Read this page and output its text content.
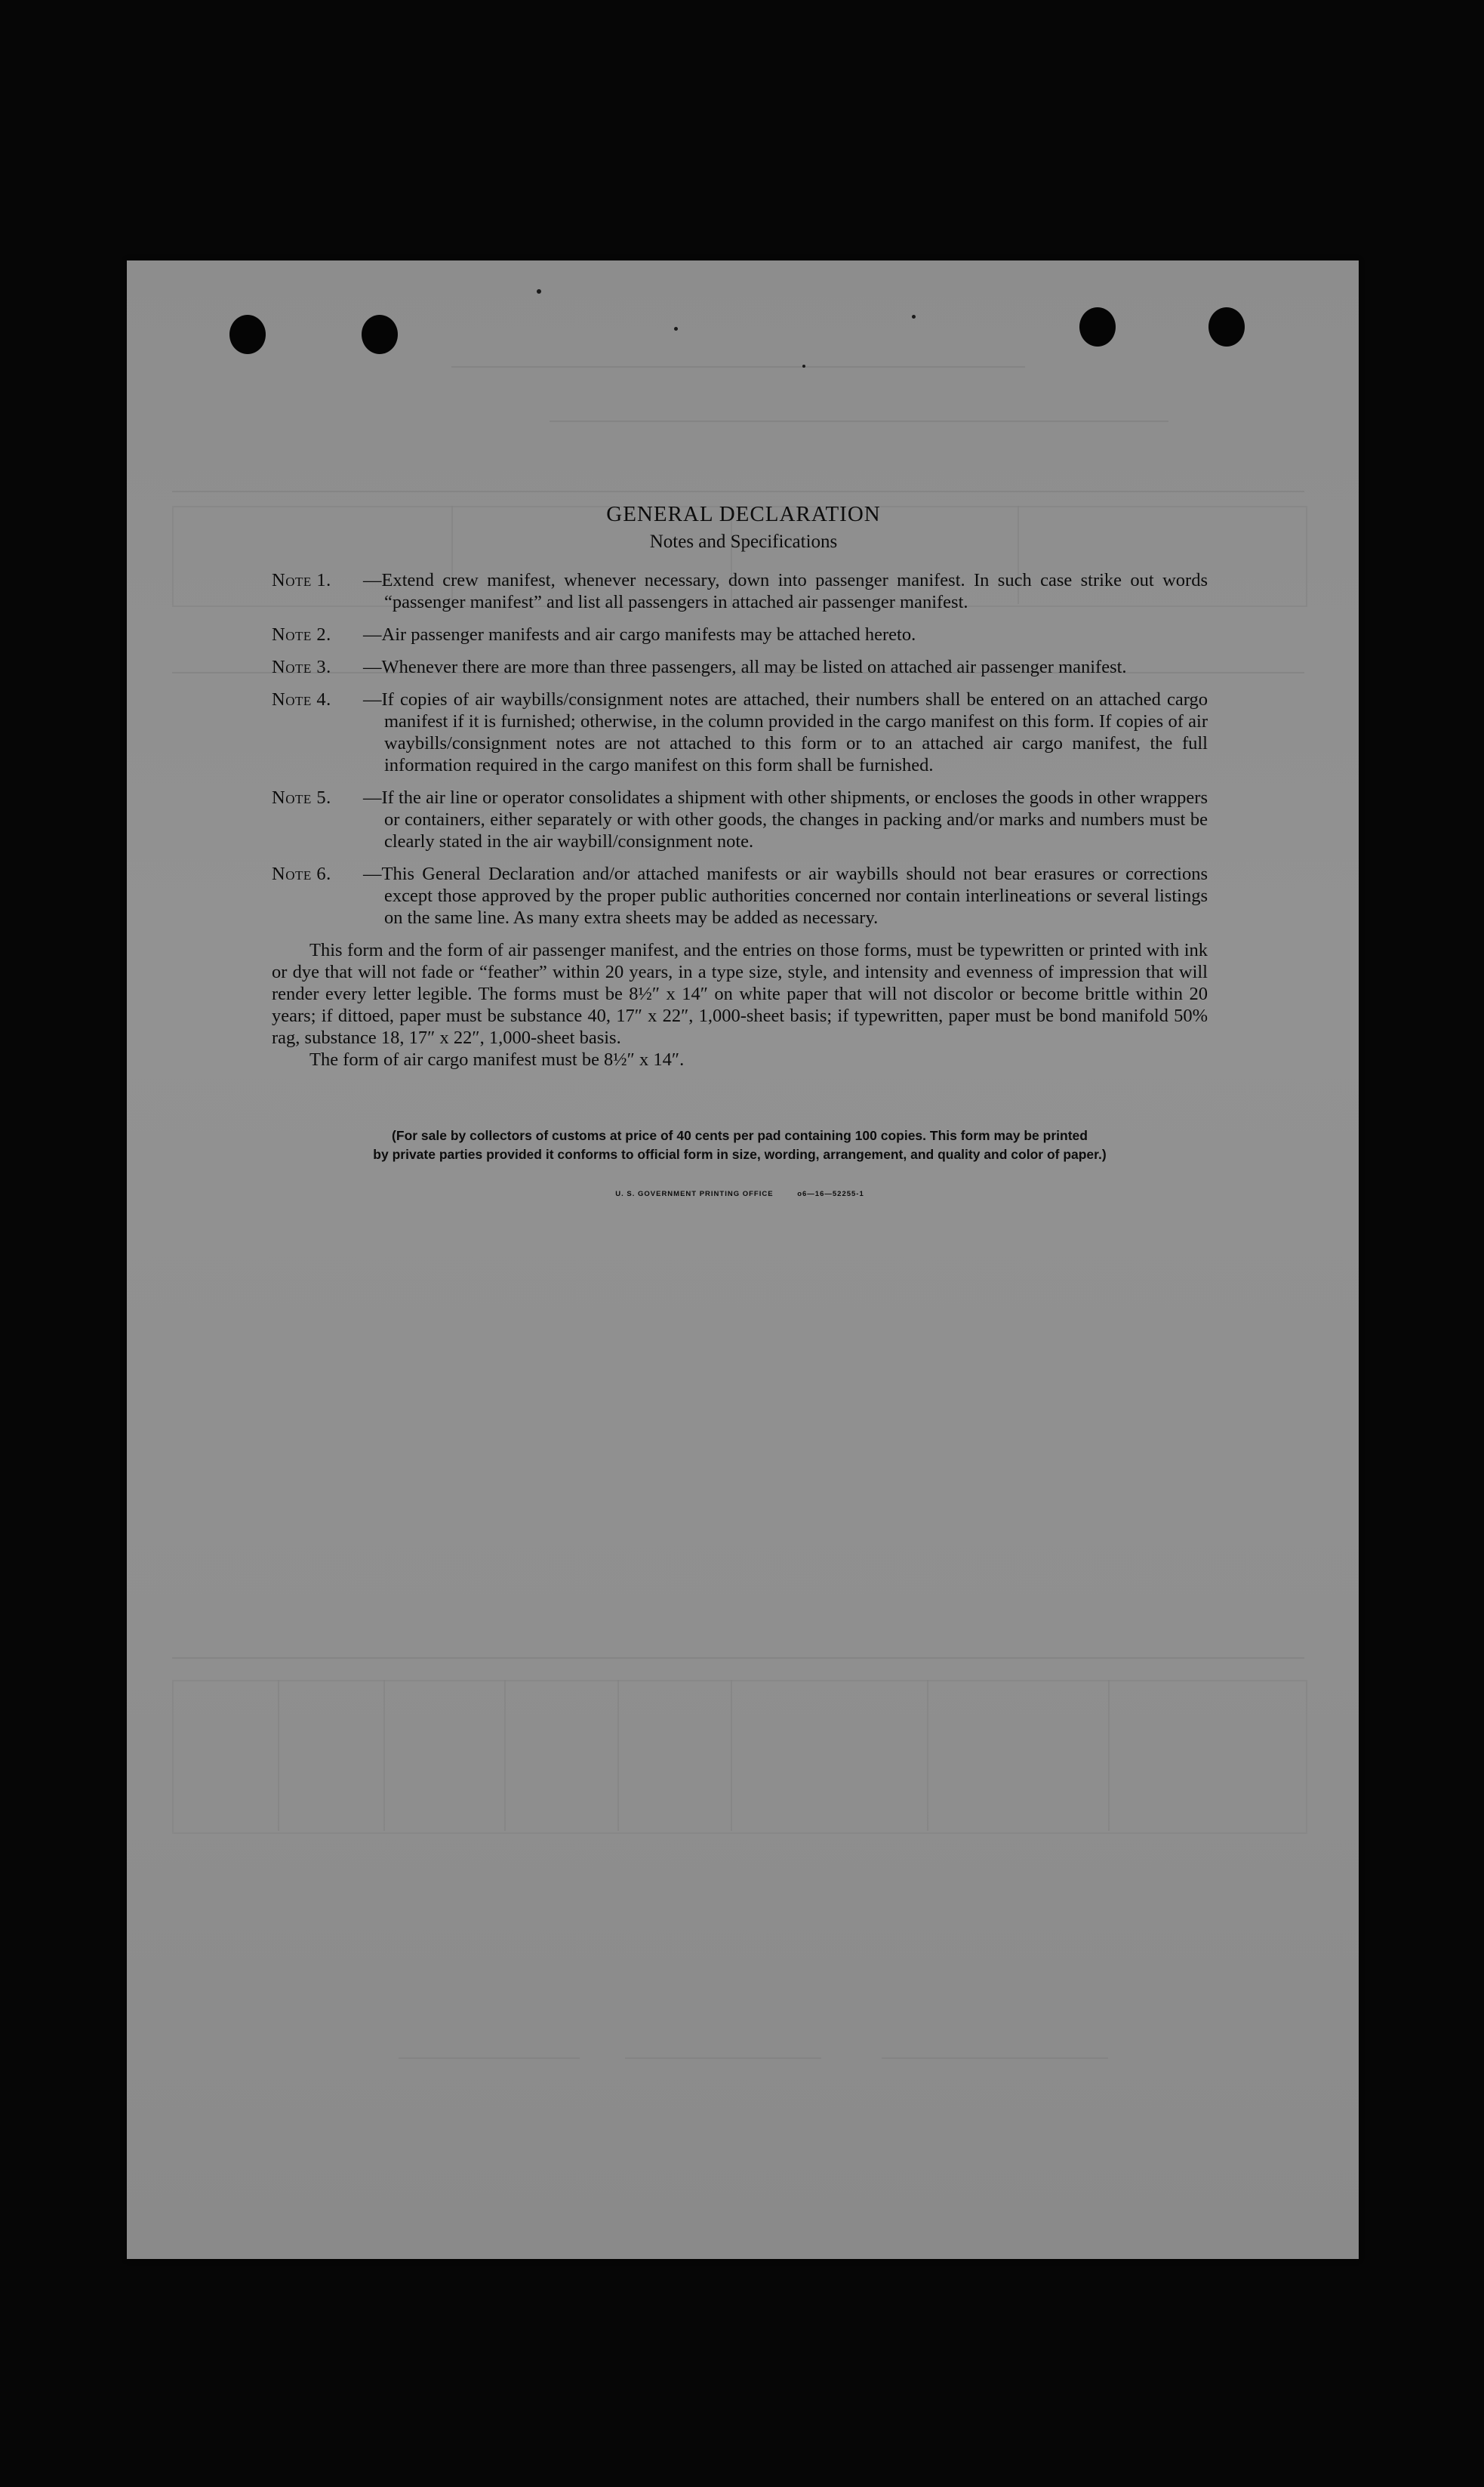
GENERAL DECLARATION
Notes and Specifications
Note 1.	—Extend crew manifest, whenever necessary, down into passenger manifest. In such case strike out words “passenger manifest” and list all passengers in attached air passenger manifest.
Note 2.	—Air passenger manifests and air cargo manifests may be attached hereto.
Note 3.	—Whenever there are more than three passengers, all may be listed on attached air passenger manifest.
Note 4.	—If copies of air waybills/consignment notes are attached, their numbers shall be entered on an attached cargo manifest if it is furnished; otherwise, in the column provided in the cargo manifest on this form. If copies of air waybills/consignment notes are not attached to this form or to an attached air cargo manifest, the full information required in the cargo manifest on this form shall be furnished.
Note 5.	—If the air line or operator consolidates a shipment with other shipments, or encloses the goods in other wrappers or containers, either separately or with other goods, the changes in packing and/or marks and numbers must be clearly stated in the air waybill/consignment note.
Note 6.	—This General Declaration and/or attached manifests or air waybills should not bear erasures or corrections except those approved by the proper public authorities concerned nor contain interlineations or several listings on the same line. As many extra sheets may be added as necessary.
This form and the form of air passenger manifest, and the entries on those forms, must be typewritten or printed with ink or dye that will not fade or “feather” within 20 years, in a type size, style, and intensity and evenness of impression that will render every letter legible. The forms must be 8½″ x 14″ on white paper that will not discolor or become brittle within 20 years; if dittoed, paper must be substance 40, 17″ x 22″, 1,000-sheet basis; if typewritten, paper must be bond manifold 50% rag, substance 18, 17″ x 22″, 1,000-sheet basis.
The form of air cargo manifest must be 8½″ x 14″.
(For sale by collectors of customs at price of 40 cents per pad containing 100 copies. This form may be printed
by private parties provided it conforms to official form in size, wording, arrangement, and quality and color of paper.)
U. S. GOVERNMENT PRINTING OFFICE	o6—16—52255-1
